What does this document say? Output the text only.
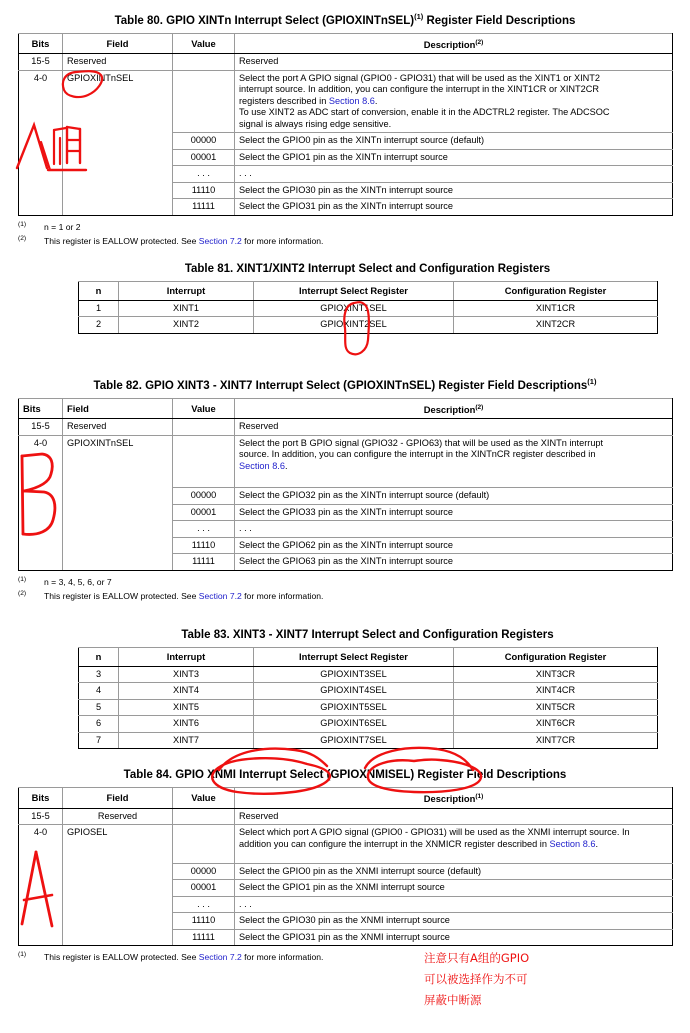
Table 80. GPIO XINTn Interrupt Select (GPIOXINTnSEL)$^{(1)}$ Register Field Descriptions
Bits	Field	Value	Description$^{(2)}$
15-5	Reserved		Reserved
4-0	GPIOXINTnSEL		Select the port A GPIO signal (GPIO0 - GPIO31) that will be used as the XINT1 or XINT2

interrupt source. In addition, you can configure the interrupt in the XINT1CR or XINT2CR

registers described in Section 8.6.

To use XINT2 as ADC start of conversion, enable it in the ADCTRL2 register. The ADCSOC

signal is always rising edge sensitive.

		00000	Select the GPIO0 pin as the XINTn interrupt source (default)
		00001	Select the GPIO1 pin as the XINTn interrupt source
		. . .	. . .
		11110	Select the GPIO30 pin as the XINTn interrupt source
		11111	Select the GPIO31 pin as the XINTn interrupt source
$^{(1)}$ n = 1 or 2
$^{(2)}$ This register is EALLOW protected. See Section 7.2 for more information.
Table 81. XINT1/XINT2 Interrupt Select and Configuration Registers
n	Interrupt	Interrupt Select Register	Configuration Register
1	XINT1	GPIOXINT1SEL	XINT1CR
2	XINT2	GPIOXINT2SEL	XINT2CR
Table 82. GPIO XINT3 - XINT7 Interrupt Select (GPIOXINTnSEL) Register Field Descriptions$^{(1)}$
Bits	Field	Value	Description$^{(2)}$
15-5	Reserved		Reserved
4-0	GPIOXINTnSEL		Select the port B GPIO signal (GPIO32 - GPIO63) that will be used as the XINTn interrupt

source. In addition, you can configure the interrupt in the XINTnCR register described in

Section 8.6.

		00000	Select the GPIO32 pin as the XINTn interrupt source (default)
		00001	Select the GPIO33 pin as the XINTn interrupt source
		. . .	. . .
		11110	Select the GPIO62 pin as the XINTn interrupt source
		11111	Select the GPIO63 pin as the XINTn interrupt source
$^{(1)}$ n = 3, 4, 5, 6, or 7
$^{(2)}$ This register is EALLOW protected. See Section 7.2 for more information.
Table 83. XINT3 - XINT7 Interrupt Select and Configuration Registers
n	Interrupt	Interrupt Select Register	Configuration Register
3	XINT3	GPIOXINT3SEL	XINT3CR
4	XINT4	GPIOXINT4SEL	XINT4CR
5	XINT5	GPIOXINT5SEL	XINT5CR
6	XINT6	GPIOXINT6SEL	XINT6CR
7	XINT7	GPIOXINT7SEL	XINT7CR
Table 84. GPIO XNMI Interrupt Select (GPIOXNMISEL) Register Field Descriptions
Bits	Field	Value	Description$^{(1)}$
15-5	Reserved		Reserved
4-0	GPIOSEL		Select which port A GPIO signal (GPIO0 - GPIO31) will be used as the XNMI interrupt source. In

addition you can configure the interrupt in the XNMICR register described in Section 8.6.

		00000	Select the GPIO0 pin as the XNMI interrupt source (default)
		00001	Select the GPIO1 pin as the XNMI interrupt source
		. . .	. . .
		11110	Select the GPIO30 pin as the XNMI interrupt source
		11111	Select the GPIO31 pin as the XNMI interrupt source
$^{(1)}$ This register is EALLOW protected. See Section 7.2 for more information.	注意只有A组的GPIO
可以被选择作为不可
屏蔽中断源
